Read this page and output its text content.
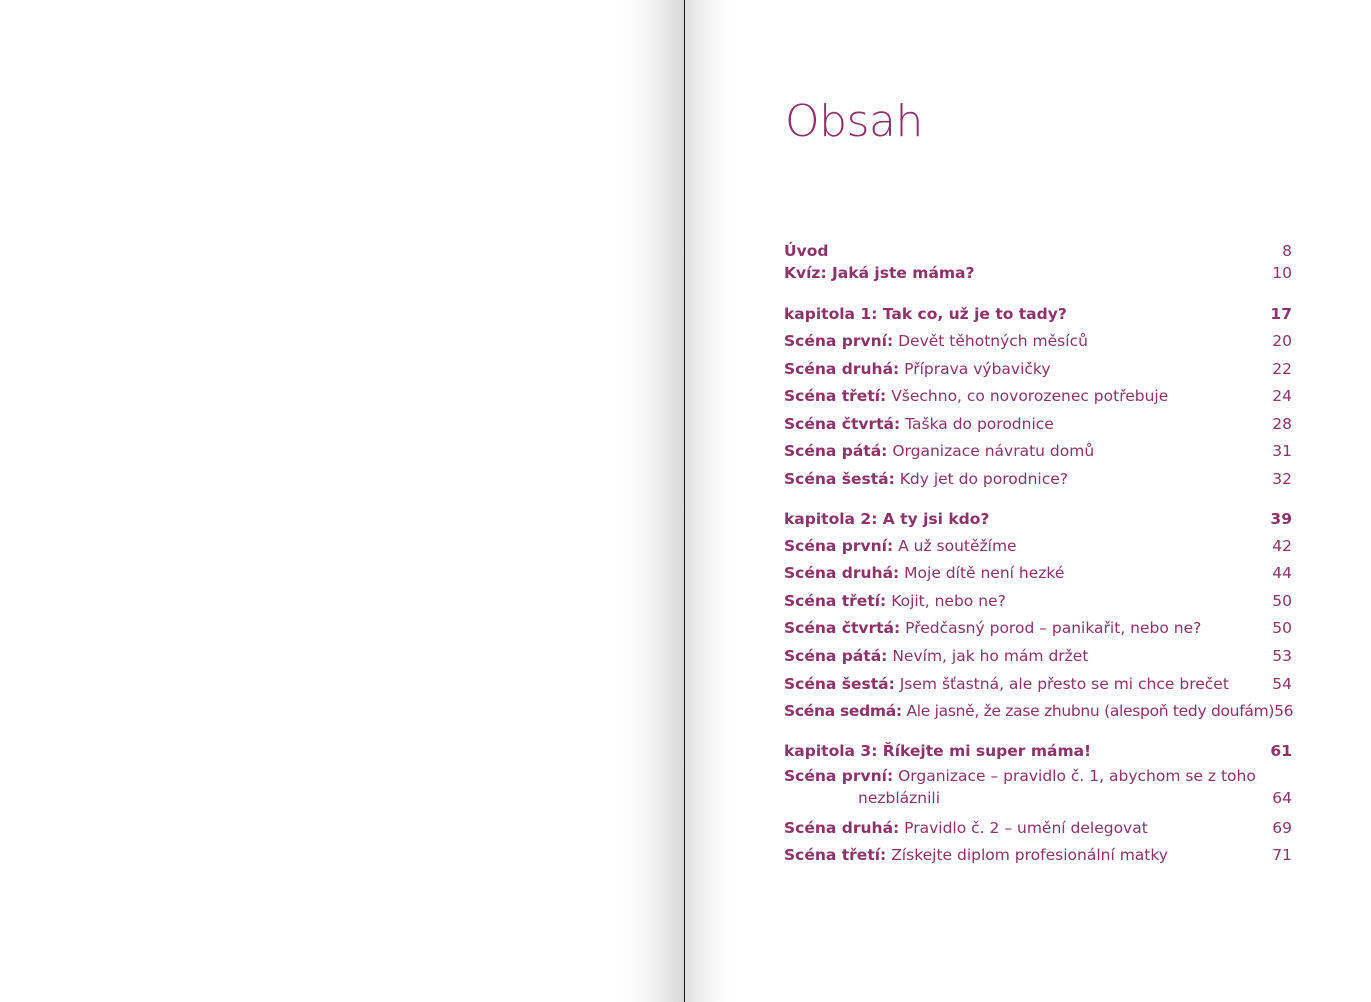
Obsah
Úvod	8
Kvíz: Jaká jste máma?	10
kapitola 1: Tak co, už je to tady?	17
Scéna první: Devět těhotných měsíců	20
Scéna druhá: Příprava výbavičky	22
Scéna třetí: Všechno, co novorozenec potřebuje	24
Scéna čtvrtá: Taška do porodnice	28
Scéna pátá: Organizace návratu domů	31
Scéna šestá: Kdy jet do porodnice?	32
kapitola 2: A ty jsi kdo?	39
Scéna první: A už soutěžíme	42
Scéna druhá: Moje dítě není hezké	44
Scéna třetí: Kojit, nebo ne?	50
Scéna čtvrtá: Předčasný porod – panikařit, nebo ne?	50
Scéna pátá: Nevím, jak ho mám držet	53
Scéna šestá: Jsem šťastná, ale přesto se mi chce brečet	54
Scéna sedmá: Ale jasně, že zase zhubnu (alespoň tedy doufám) 56
kapitola 3: Říkejte mi super máma!	61
Scéna první: Organizace – pravidlo č. 1, abychom se z toho
nezbláznili	64
Scéna druhá: Pravidlo č. 2 – umění delegovat	69
Scéna třetí: Získejte diplom profesionální matky	71
